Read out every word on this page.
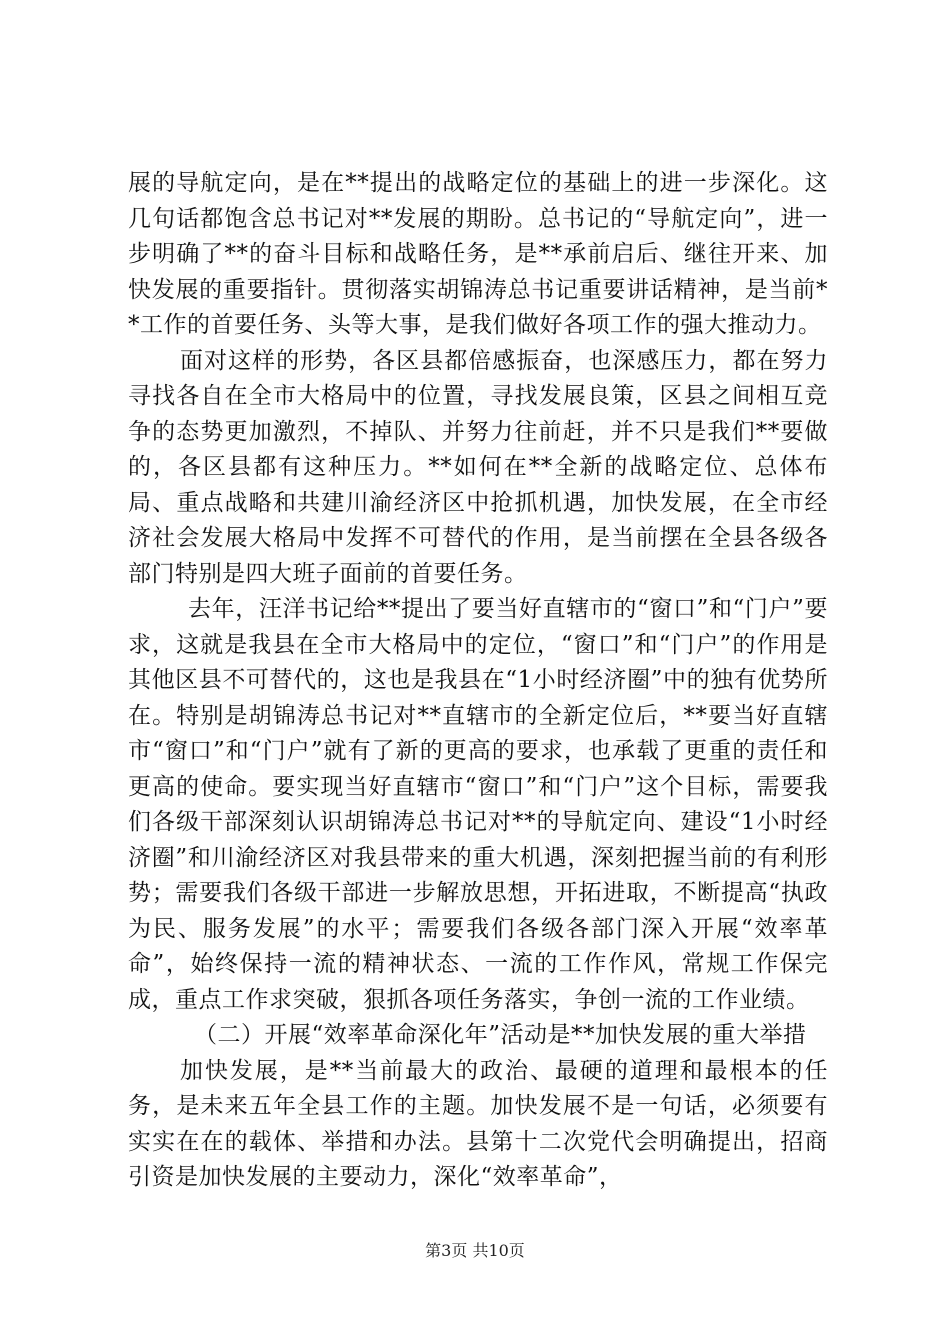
展的导航定向，是在**提出的战略定位的基础上的进一步深化。这几句话都饱含总书记对**发展的期盼。总书记的“导航定向”，进一步明确了**的奋斗目标和战略任务，是**承前启后、继往开来、加快发展的重要指针。贯彻落实胡锦涛总书记重要讲话精神，是当前**工作的首要任务、头等大事，是我们做好各项工作的强大推动力。

面对这样的形势，各区县都倍感振奋，也深感压力，都在努力寻找各自在全市大格局中的位置，寻找发展良策，区县之间相互竞争的态势更加激烈，不掉队、并努力往前赶，并不只是我们**要做的，各区县都有这种压力。**如何在**全新的战略定位、总体布局、重点战略和共建川渝经济区中抢抓机遇，加快发展，在全市经济社会发展大格局中发挥不可替代的作用，是当前摆在全县各级各部门特别是四大班子面前的首要任务。

去年，汪洋书记给**提出了要当好直辖市的“窗口”和“门户”要求，这就是我县在全市大格局中的定位，“窗口”和“门户”的作用是其他区县不可替代的，这也是我县在“1小时经济圈”中的独有优势所在。特别是胡锦涛总书记对**直辖市的全新定位后，**要当好直辖市“窗口”和“门户”就有了新的更高的要求，也承载了更重的责任和更高的使命。要实现当好直辖市“窗口”和“门户”这个目标，需要我们各级干部深刻认识胡锦涛总书记对**的导航定向、建设“1小时经济圈”和川渝经济区对我县带来的重大机遇，深刻把握当前的有利形势；需要我们各级干部进一步解放思想，开拓进取，不断提高“执政为民、服务发展”的水平；需要我们各级各部门深入开展“效率革命”，始终保持一流的精神状态、一流的工作作风，常规工作保完成，重点工作求突破，狠抓各项任务落实，争创一流的工作业绩。

（二）开展“效率革命深化年”活动是**加快发展的重大举措

加快发展，是**当前最大的政治、最硬的道理和最根本的任务，是未来五年全县工作的主题。加快发展不是一句话，必须要有实实在在的载体、举措和办法。县第十二次党代会明确提出，招商引资是加快发展的主要动力，深化“效率革命”，

第3页 共10页
